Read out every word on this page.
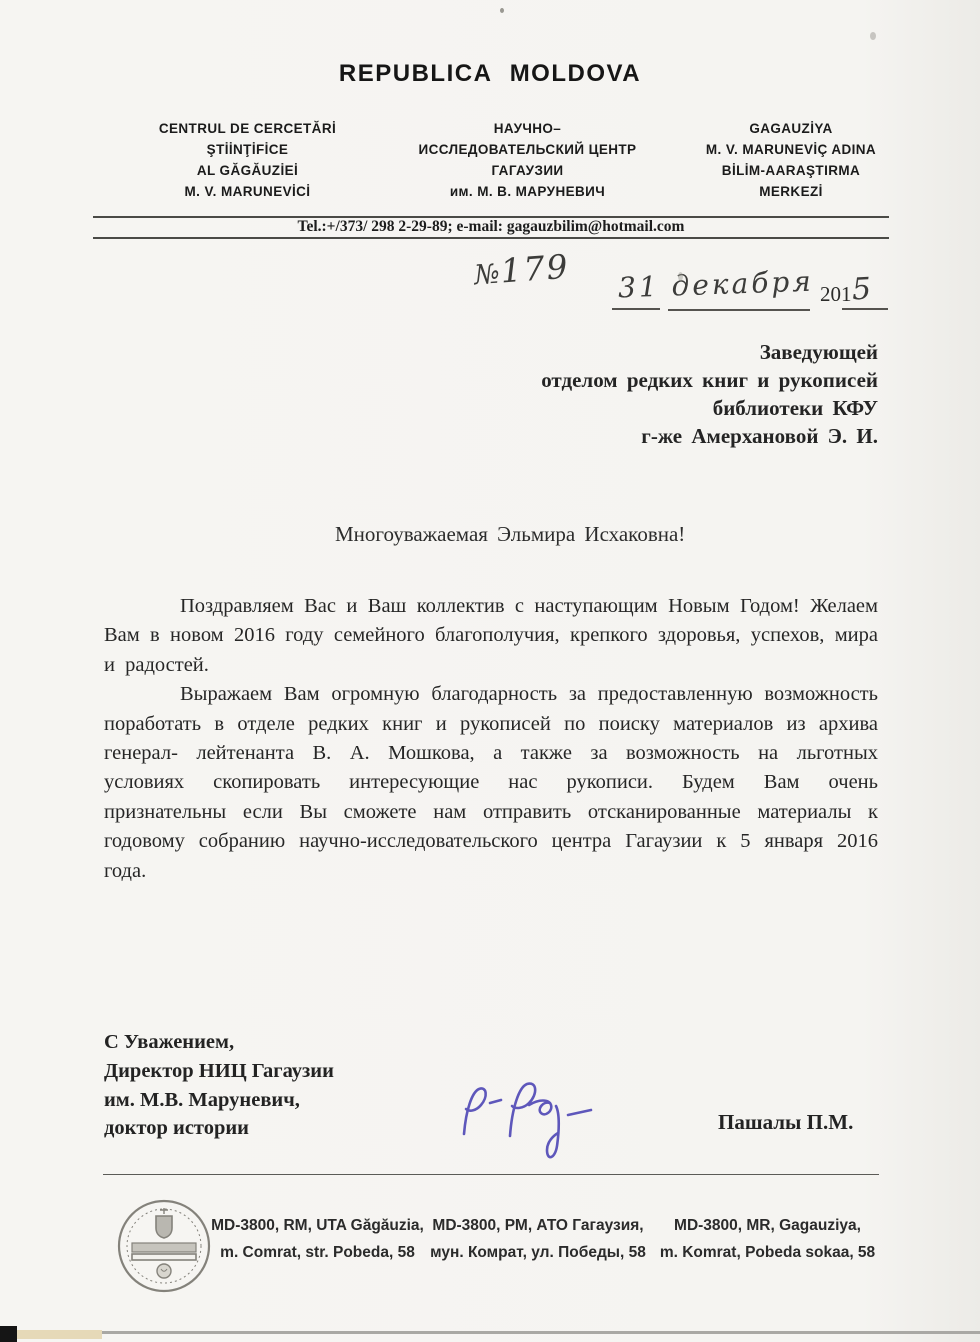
REPUBLICA MOLDOVA
CENTRUL DE CERCETĂRİ
ŞTİİNŢİFİCE
AL GĂGĂUZİEİ
M. V. MARUNEVİCİ
НАУЧНО–
ИССЛЕДОВАТЕЛЬСКИЙ ЦЕНТР
ГАГАУЗИИ
им. М. В. МАРУНЕВИЧ
GAGAUZİYA
M. V. MARUNEVİÇ ADINA
BİLİM-AARAŞTIRMA
MERKEZİ
Tel.:+/373/ 298 2-29-89; e-mail: gagauzbilim@hotmail.com
№179 31 декабря 201 5
Заведующей
отделом редких книг и рукописей
библиотеки КФУ
г-же Амерхановой Э. И.
Многоуважаемая Эльмира Исхаковна!

Поздравляем Вас и Ваш коллектив с наступающим Новым Годом! Желаем Вам в новом 2016 году семейного благополучия, крепкого здоровья, успехов, мира и радостей.

Выражаем Вам огромную благодарность за предоставленную возможность поработать в отделе редких книг и рукописей по поиску материалов из архива генерал- лейтенанта В. А. Мошкова, а также за возможность на льготных условиях скопировать интересующие нас рукописи. Будем Вам очень признательны если Вы сможете нам отправить отсканированные материалы к годовому собранию научно-исследовательского центра Гагаузии к 5 января 2016 года.

С Уважением,
Директор НИЦ Гагаузии
им. М.В. Маруневич,
доктор истории	Пашалы П.М.
MD-3800, RM, UTA Găgăuzia,
m. Comrat, str. Pobeda, 58
MD-3800, РМ, АТО Гагаузия,
мун. Комрат, ул. Победы, 58
MD-3800, MR, Gagauziya,
m. Komrat, Pobeda sokaa, 58
